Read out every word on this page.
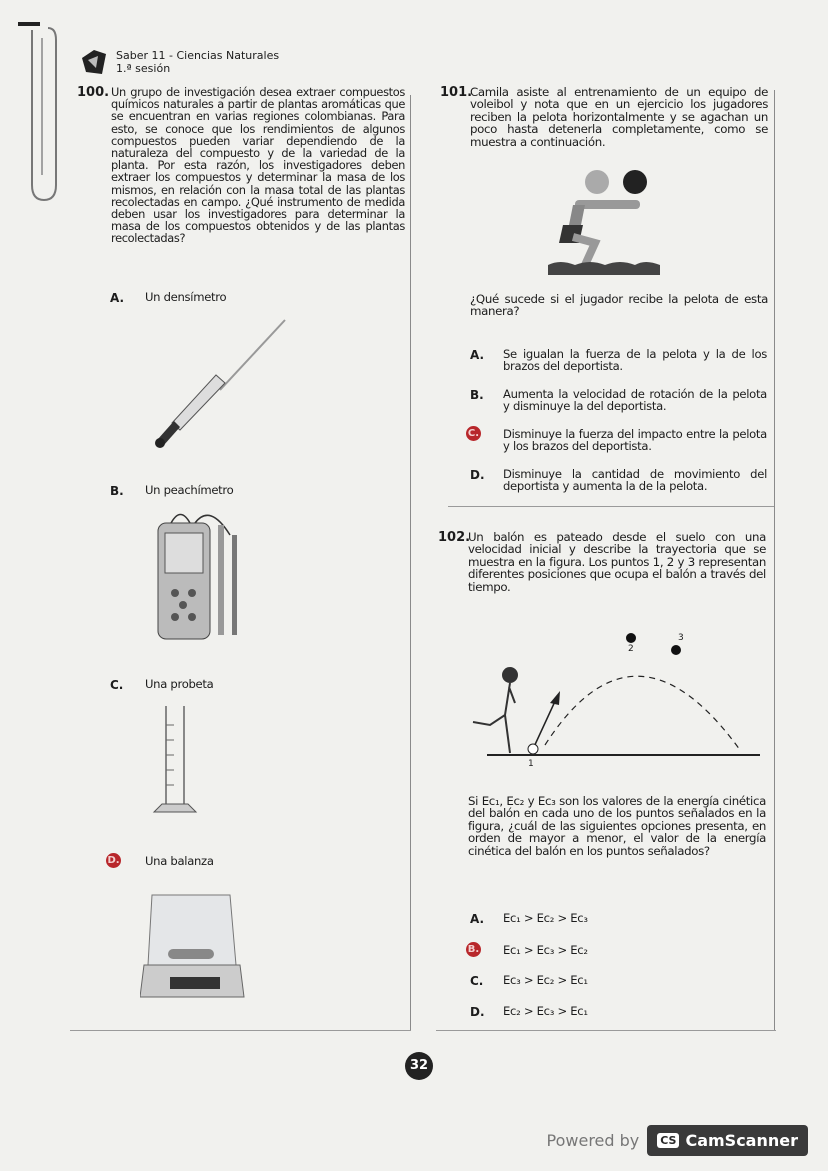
Saber 11 - Ciencias Naturales
1.ª sesión
100. Un grupo de investigación desea extraer compuestos químicos naturales a partir de plantas aromáticas que se encuentran en varias regiones colombianas. Para esto, se conoce que los rendimientos de algunos compuestos pueden variar dependiendo de la naturaleza del compuesto y de la variedad de la planta. Por esta razón, los investigadores deben extraer los compuestos y determinar la masa de los mismos, en relación con la masa total de las plantas recolectadas en campo. ¿Qué instrumento de medida deben usar los investigadores para determinar la masa de los compuestos obtenidos y de las plantas recolectadas?
A. Un densímetro
B. Un peachímetro
C. Una probeta
D. Una balanza
101.
Camila asiste al entrenamiento de un equipo de voleibol y nota que en un ejercicio los jugadores reciben la pelota horizontalmente y se agachan un poco hasta detenerla completamente, como se muestra a continuación.
¿Qué sucede si el jugador recibe la pelota de esta manera?
A. Se igualan la fuerza de la pelota y la de los brazos del deportista.
B. Aumenta la velocidad de rotación de la pelota y disminuye la del deportista.
C. Disminuye la fuerza del impacto entre la pelota y los brazos del deportista.
D. Disminuye la cantidad de movimiento del deportista y aumenta la de la pelota.
102.
Un balón es pateado desde el suelo con una velocidad inicial y describe la trayectoria que se muestra en la figura. Los puntos 1, 2 y 3 representan diferentes posiciones que ocupa el balón a través del tiempo.
1
2
3
Si Ec₁, Ec₂ y Ec₃ son los valores de la energía cinética del balón en cada uno de los puntos señalados en la figura, ¿cuál de las siguientes opciones presenta, en orden de mayor a menor, el valor de la energía cinética del balón en los puntos señalados?
A. Ec₁ > Ec₂ > Ec₃
B. Ec₁ > Ec₃ > Ec₂
C. Ec₃ > Ec₂ > Ec₁
D. Ec₂ > Ec₃ > Ec₁
32
Powered by CS CamScanner
